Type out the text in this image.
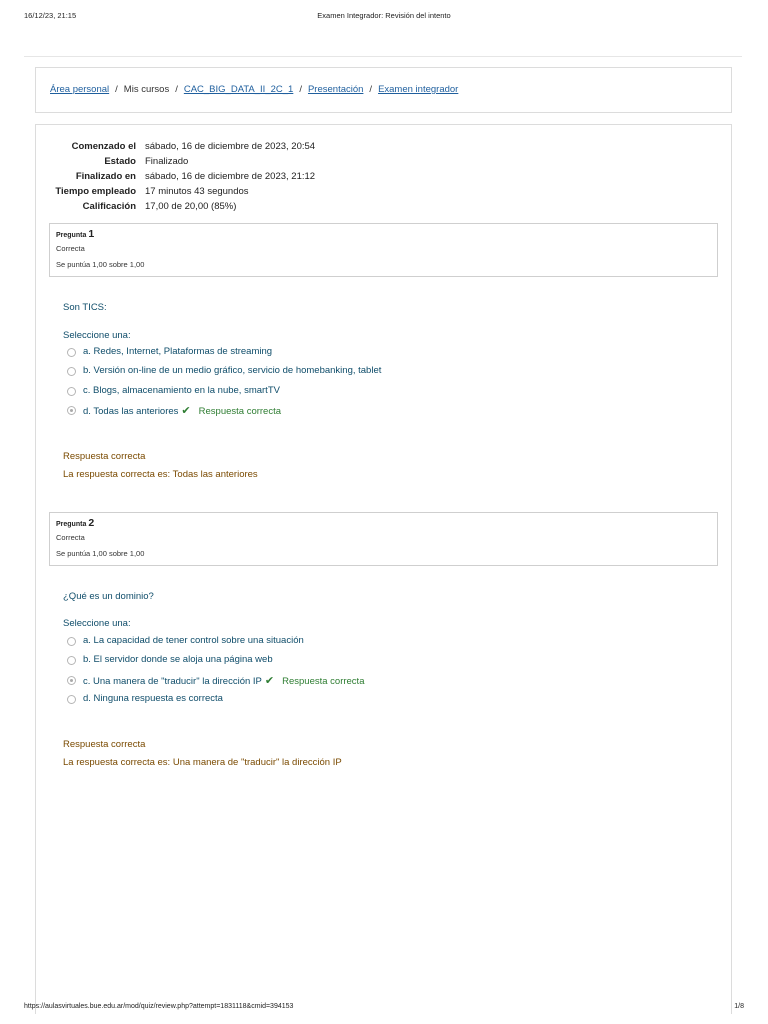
16/12/23, 21:15	Examen Integrador: Revisión del intento
Área personal / Mis cursos / CAC_BIG_DATA_II_2C_1 / Presentación / Examen integrador
Comenzado el	sábado, 16 de diciembre de 2023, 20:54
Estado	Finalizado
Finalizado en	sábado, 16 de diciembre de 2023, 21:12
Tiempo empleado	17 minutos 43 segundos
Calificación	17,00 de 20,00 (85%)
Pregunta 1
Correcta
Se puntúa 1,00 sobre 1,00
Son TICS:
Seleccione una:
a. Redes, Internet, Plataformas de streaming
b. Versión on-line de un medio gráfico, servicio de homebanking, tablet
c. Blogs, almacenamiento en la nube, smartTV
d. Todas las anteriores ✔ Respuesta correcta
Respuesta correcta
La respuesta correcta es: Todas las anteriores
Pregunta 2
Correcta
Se puntúa 1,00 sobre 1,00
¿Qué es un dominio?
Seleccione una:
a. La capacidad de tener control sobre una situación
b. El servidor donde se aloja una página web
c. Una manera de "traducir" la dirección IP ✔ Respuesta correcta
d. Ninguna respuesta es correcta
Respuesta correcta
La respuesta correcta es: Una manera de "traducir" la dirección IP
https://aulasvirtuales.bue.edu.ar/mod/quiz/review.php?attempt=1831118&cmid=394153	1/8
